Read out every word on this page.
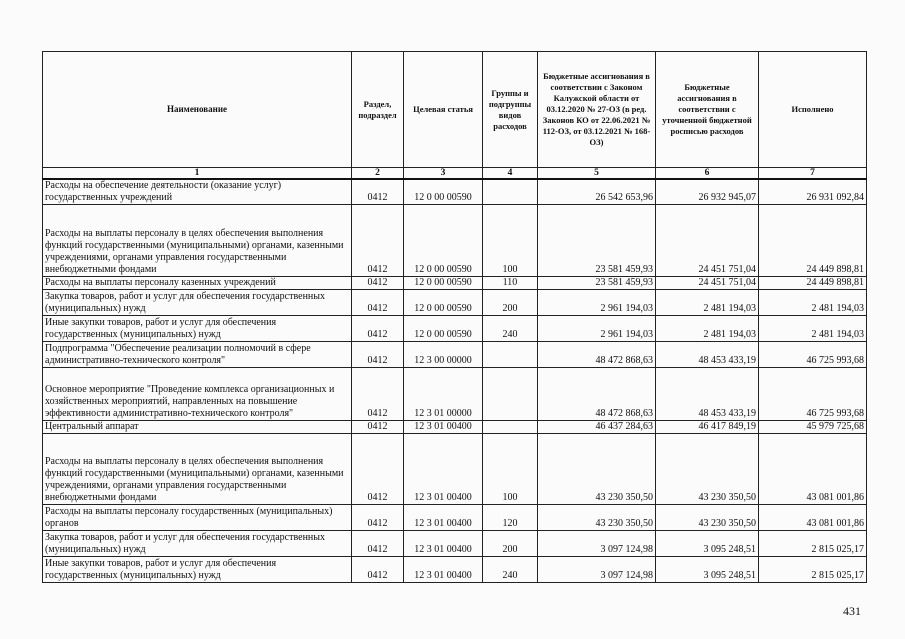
Наименование	Раздел, подраздел	Целевая статья	Группы и подгруппы видов расходов	Бюджетные ассигнования в соответствии с Законом Калужской области от 03.12.2020 № 27-ОЗ (в ред. Законов КО от 22.06.2021 № 112-ОЗ, от 03.12.2021 № 168-ОЗ)	Бюджетные ассигнования в соответствии с уточненной бюджетной росписью расходов	Исполнено
1	2	3	4	5	6	7
Расходы на обеспечение деятельности (оказание услуг) государственных учреждений	0412	12 0 00 00590		26 542 653,96	26 932 945,07	26 931 092,84
Расходы на выплаты персоналу в целях обеспечения выполнения функций государственными (муниципальными) органами, казенными учреждениями, органами управления государственными внебюджетными фондами	0412	12 0 00 00590	100	23 581 459,93	24 451 751,04	24 449 898,81
Расходы на выплаты персоналу казенных учреждений	0412	12 0 00 00590	110	23 581 459,93	24 451 751,04	24 449 898,81
Закупка товаров, работ и услуг для обеспечения государственных (муниципальных) нужд	0412	12 0 00 00590	200	2 961 194,03	2 481 194,03	2 481 194,03
Иные закупки товаров, работ и услуг для обеспечения государственных (муниципальных) нужд	0412	12 0 00 00590	240	2 961 194,03	2 481 194,03	2 481 194,03
Подпрограмма "Обеспечение реализации полномочий в сфере административно-технического контроля"	0412	12 3 00 00000		48 472 868,63	48 453 433,19	46 725 993,68
Основное мероприятие "Проведение комплекса организационных и хозяйственных мероприятий, направленных на повышение эффективности административно-технического контроля"	0412	12 3 01 00000		48 472 868,63	48 453 433,19	46 725 993,68
Центральный аппарат	0412	12 3 01 00400		46 437 284,63	46 417 849,19	45 979 725,68
Расходы на выплаты персоналу в целях обеспечения выполнения функций государственными (муниципальными) органами, казенными учреждениями, органами управления государственными внебюджетными фондами	0412	12 3 01 00400	100	43 230 350,50	43 230 350,50	43 081 001,86
Расходы на выплаты персоналу государственных (муниципальных) органов	0412	12 3 01 00400	120	43 230 350,50	43 230 350,50	43 081 001,86
Закупка товаров, работ и услуг для обеспечения государственных (муниципальных) нужд	0412	12 3 01 00400	200	3 097 124,98	3 095 248,51	2 815 025,17
Иные закупки товаров, работ и услуг для обеспечения государственных (муниципальных) нужд	0412	12 3 01 00400	240	3 097 124,98	3 095 248,51	2 815 025,17
431
